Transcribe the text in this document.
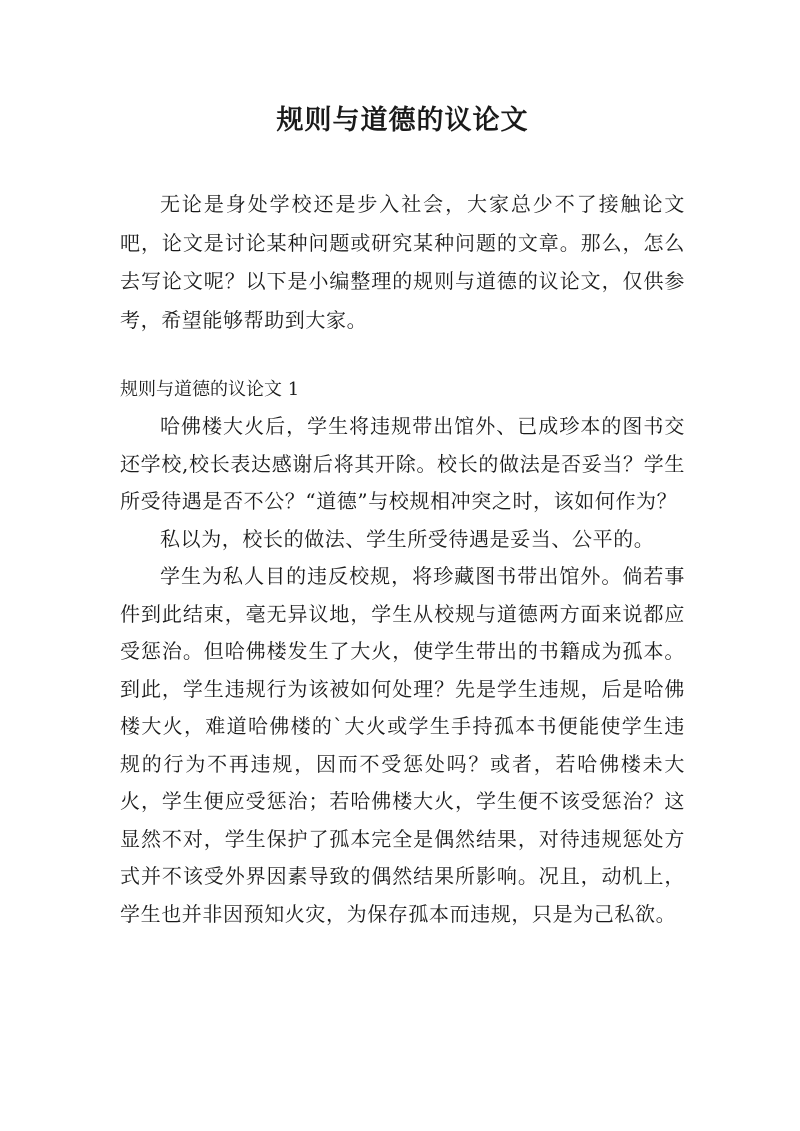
规则与道德的议论文

无论是身处学校还是步入社会，大家总少不了接触论文吧，论文是讨论某种问题或研究某种问题的文章。那么，怎么去写论文呢？以下是小编整理的规则与道德的议论文，仅供参考，希望能够帮助到大家。

规则与道德的议论文 1

哈佛楼大火后，学生将违规带出馆外、已成珍本的图书交还学校,校长表达感谢后将其开除。校长的做法是否妥当？学生所受待遇是否不公？“道德”与校规相冲突之时，该如何作为？

私以为，校长的做法、学生所受待遇是妥当、公平的。

学生为私人目的违反校规，将珍藏图书带出馆外。倘若事件到此结束，毫无异议地，学生从校规与道德两方面来说都应受惩治。但哈佛楼发生了大火，使学生带出的书籍成为孤本。到此，学生违规行为该被如何处理？先是学生违规，后是哈佛楼大火，难道哈佛楼的`大火或学生手持孤本书便能使学生违规的行为不再违规，因而不受惩处吗？或者，若哈佛楼未大火，学生便应受惩治；若哈佛楼大火，学生便不该受惩治？这显然不对，学生保护了孤本完全是偶然结果，对待违规惩处方式并不该受外界因素导致的偶然结果所影响。况且，动机上，学生也并非因预知火灾，为保存孤本而违规，只是为己私欲。
